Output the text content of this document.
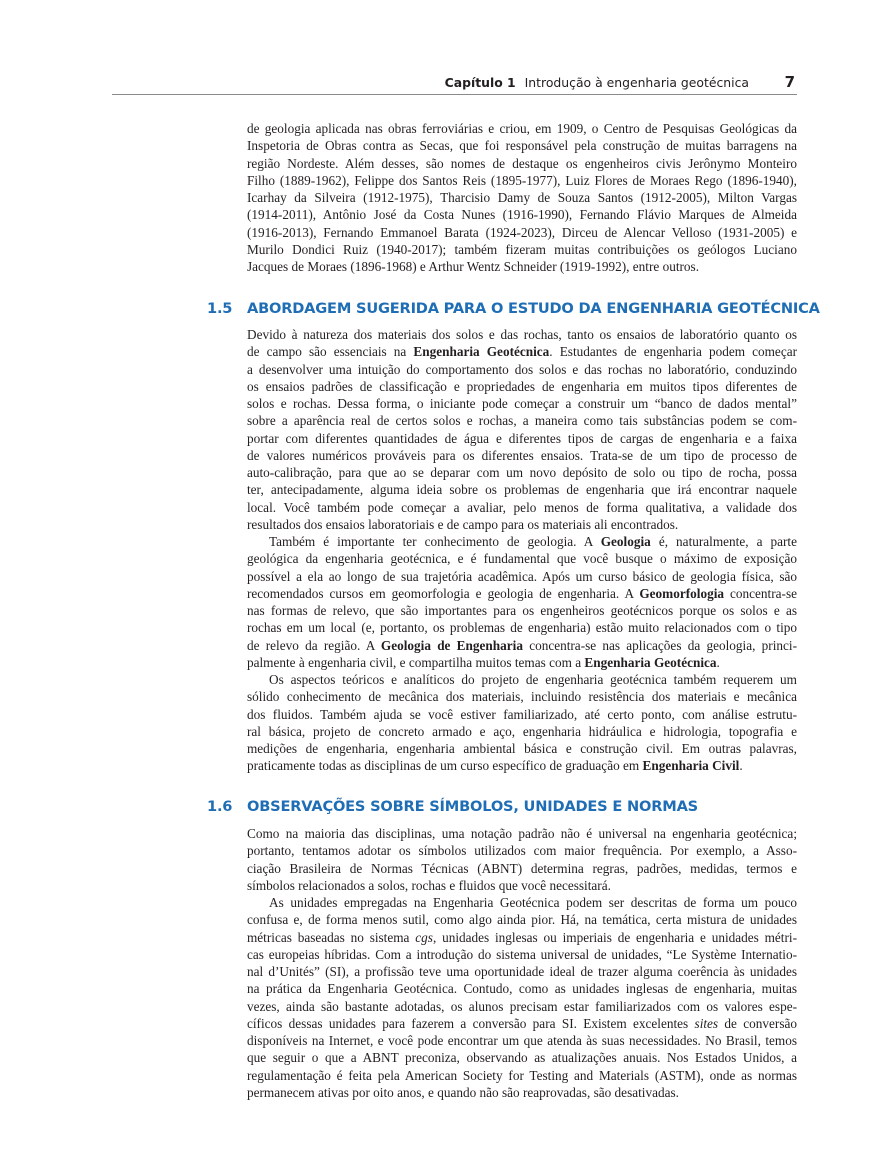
Capítulo 1 Introdução à engenharia geotécnica 7
de geologia aplicada nas obras ferroviárias e criou, em 1909, o Centro de Pesquisas Geológicas da
Inspetoria de Obras contra as Secas, que foi responsável pela construção de muitas barragens na
região Nordeste. Além desses, são nomes de destaque os engenheiros civis Jerônymo Monteiro
Filho (1889-1962), Felippe dos Santos Reis (1895-1977), Luiz Flores de Moraes Rego (1896-1940),
Icarhay da Silveira (1912-1975), Tharcisio Damy de Souza Santos (1912-2005), Milton Vargas
(1914-2011), Antônio José da Costa Nunes (1916-1990), Fernando Flávio Marques de Almeida
(1916-2013), Fernando Emmanoel Barata (1924-2023), Dirceu de Alencar Velloso (1931-2005) e
Murilo Dondici Ruiz (1940-2017); também fizeram muitas contribuições os geólogos Luciano
Jacques de Moraes (1896-1968) e Arthur Wentz Schneider (1919-1992), entre outros.
1.5 ABORDAGEM SUGERIDA PARA O ESTUDO DA ENGENHARIA GEOTÉCNICA
Devido à natureza dos materiais dos solos e das rochas, tanto os ensaios de laboratório quanto os
de campo são essenciais na Engenharia Geotécnica. Estudantes de engenharia podem começar
a desenvolver uma intuição do comportamento dos solos e das rochas no laboratório, conduzindo
os ensaios padrões de classificação e propriedades de engenharia em muitos tipos diferentes de
solos e rochas. Dessa forma, o iniciante pode começar a construir um “banco de dados mental”
sobre a aparência real de certos solos e rochas, a maneira como tais substâncias podem se com-
portar com diferentes quantidades de água e diferentes tipos de cargas de engenharia e a faixa
de valores numéricos prováveis para os diferentes ensaios. Trata-se de um tipo de processo de
auto-calibração, para que ao se deparar com um novo depósito de solo ou tipo de rocha, possa
ter, antecipadamente, alguma ideia sobre os problemas de engenharia que irá encontrar naquele
local. Você também pode começar a avaliar, pelo menos de forma qualitativa, a validade dos
resultados dos ensaios laboratoriais e de campo para os materiais ali encontrados.
Também é importante ter conhecimento de geologia. A Geologia é, naturalmente, a parte
geológica da engenharia geotécnica, e é fundamental que você busque o máximo de exposição
possível a ela ao longo de sua trajetória acadêmica. Após um curso básico de geologia física, são
recomendados cursos em geomorfologia e geologia de engenharia. A Geomorfologia concentra-se
nas formas de relevo, que são importantes para os engenheiros geotécnicos porque os solos e as
rochas em um local (e, portanto, os problemas de engenharia) estão muito relacionados com o tipo
de relevo da região. A Geologia de Engenharia concentra-se nas aplicações da geologia, princi-
palmente à engenharia civil, e compartilha muitos temas com a Engenharia Geotécnica.
Os aspectos teóricos e analíticos do projeto de engenharia geotécnica também requerem um
sólido conhecimento de mecânica dos materiais, incluindo resistência dos materiais e mecânica
dos fluidos. Também ajuda se você estiver familiarizado, até certo ponto, com análise estrutu-
ral básica, projeto de concreto armado e aço, engenharia hidráulica e hidrologia, topografia e
medições de engenharia, engenharia ambiental básica e construção civil. Em outras palavras,
praticamente todas as disciplinas de um curso específico de graduação em Engenharia Civil.
1.6 OBSERVAÇÕES SOBRE SÍMBOLOS, UNIDADES E NORMAS
Como na maioria das disciplinas, uma notação padrão não é universal na engenharia geotécnica;
portanto, tentamos adotar os símbolos utilizados com maior frequência. Por exemplo, a Asso-
ciação Brasileira de Normas Técnicas (ABNT) determina regras, padrões, medidas, termos e
símbolos relacionados a solos, rochas e fluidos que você necessitará.
As unidades empregadas na Engenharia Geotécnica podem ser descritas de forma um pouco
confusa e, de forma menos sutil, como algo ainda pior. Há, na temática, certa mistura de unidades
métricas baseadas no sistema cgs, unidades inglesas ou imperiais de engenharia e unidades métri-
cas europeias híbridas. Com a introdução do sistema universal de unidades, “Le Système Internatio-
nal d’Unités” (SI), a profissão teve uma oportunidade ideal de trazer alguma coerência às unidades
na prática da Engenharia Geotécnica. Contudo, como as unidades inglesas de engenharia, muitas
vezes, ainda são bastante adotadas, os alunos precisam estar familiarizados com os valores espe-
cíficos dessas unidades para fazerem a conversão para SI. Existem excelentes sites de conversão
disponíveis na Internet, e você pode encontrar um que atenda às suas necessidades. No Brasil, temos
que seguir o que a ABNT preconiza, observando as atualizações anuais. Nos Estados Unidos, a
regulamentação é feita pela American Society for Testing and Materials (ASTM), onde as normas
permanecem ativas por oito anos, e quando não são reaprovadas, são desativadas.
